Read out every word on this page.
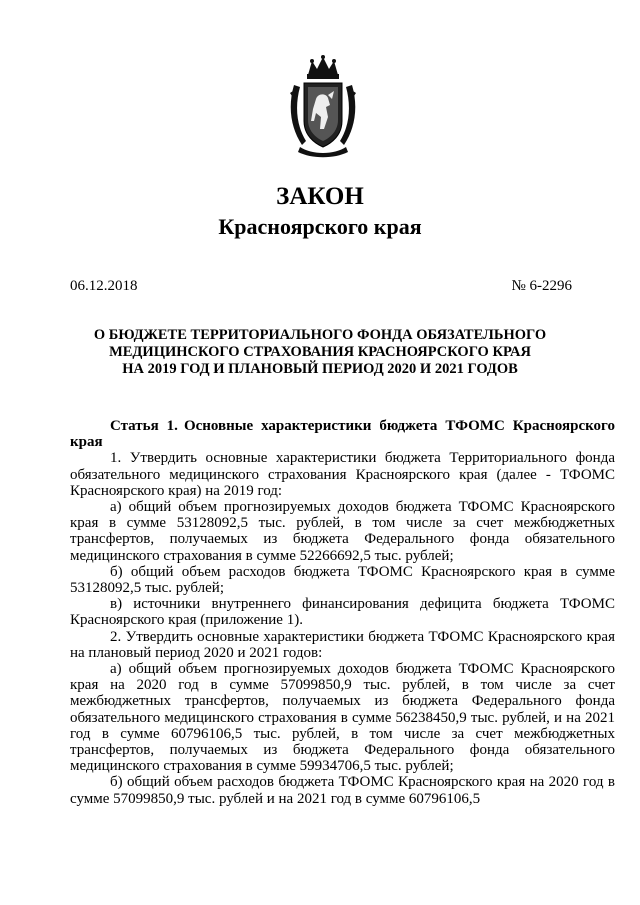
ЗАКОН
Красноярского края
06.12.2018	№ 6-2296
О БЮДЖЕТЕ ТЕРРИТОРИАЛЬНОГО ФОНДА ОБЯЗАТЕЛЬНОГО
МЕДИЦИНСКОГО СТРАХОВАНИЯ КРАСНОЯРСКОГО КРАЯ
НА 2019 ГОД И ПЛАНОВЫЙ ПЕРИОД 2020 И 2021 ГОДОВ

Статья 1. Основные характеристики бюджета ТФОМС Красноярского края

1. Утвердить основные характеристики бюджета Территориального фонда обязательного медицинского страхования Красноярского края (далее - ТФОМС Красноярского края) на 2019 год:

а) общий объем прогнозируемых доходов бюджета ТФОМС Красноярского края в сумме 53128092,5 тыс. рублей, в том числе за счет межбюджетных трансфертов, получаемых из бюджета Федерального фонда обязательного медицинского страхования в сумме 52266692,5 тыс. рублей;

б) общий объем расходов бюджета ТФОМС Красноярского края в сумме 53128092,5 тыс. рублей;

в) источники внутреннего финансирования дефицита бюджета ТФОМС Красноярского края (приложение 1).

2. Утвердить основные характеристики бюджета ТФОМС Красноярского края на плановый период 2020 и 2021 годов:

а) общий объем прогнозируемых доходов бюджета ТФОМС Красноярского края на 2020 год в сумме 57099850,9 тыс. рублей, в том числе за счет межбюджетных трансфертов, получаемых из бюджета Федерального фонда обязательного медицинского страхования в сумме 56238450,9 тыс. рублей, и на 2021 год в сумме 60796106,5 тыс. рублей, в том числе за счет межбюджетных трансфертов, получаемых из бюджета Федерального фонда обязательного медицинского страхования в сумме 59934706,5 тыс. рублей;

б) общий объем расходов бюджета ТФОМС Красноярского края на 2020 год в сумме 57099850,9 тыс. рублей и на 2021 год в сумме 60796106,5
